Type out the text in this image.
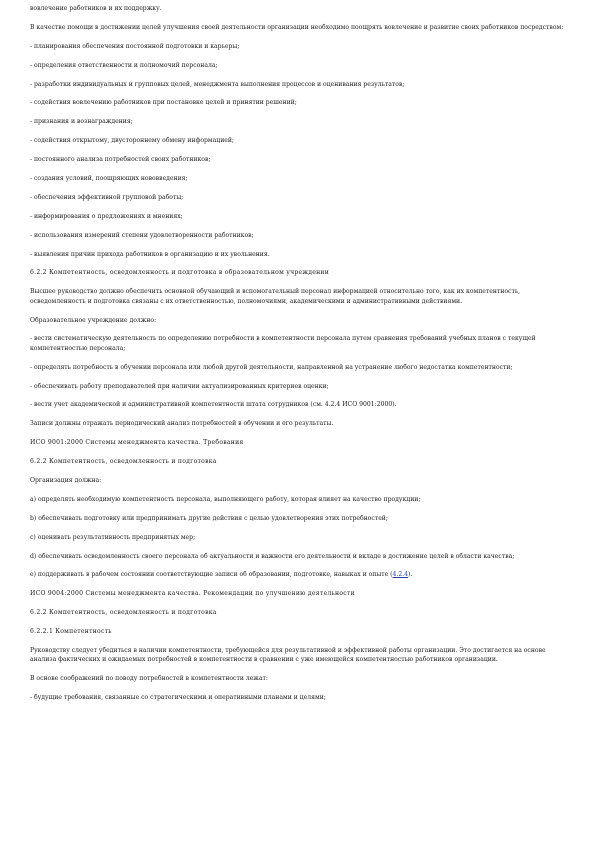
вовлечение работников и их поддержку.

В качестве помощи в достижении целей улучшения своей деятельности организации необходимо поощрять вовлечение и развитие своих работников посредством:

- планирования обеспечения постоянной подготовки и карьеры;

- определения ответственности и полномочий персонала;

- разработки индивидуальных и групповых целей, менеджмента выполнения процессов и оценивания результатов;

- содействия вовлечению работников при постановке целей и принятии решений;

- признания и вознаграждения;

- содействия открытому, двустороннему обмену информацией;

- постоянного анализа потребностей своих работников;

- создания условий, поощряющих нововведения;

- обеспечения эффективной групповой работы;

- информирования о предложениях и мнениях;

- использования измерений степени удовлетворенности работников;

- выявления причин прихода работников в организацию и их увольнения.

6.2.2 Компетентность, осведомленность и подготовка в образовательном учреждении

Высшее руководство должно обеспечить основной обучающий и вспомогательный персонал информацией относительно того, как их компетентность, осведомленность и подготовка связаны с их ответственностью, полномочиями, академическими и административными действиями.

Образовательное учреждение должно:

- вести систематическую деятельность по определению потребности в компетентности персонала путем сравнения требований учебных планов с текущей компетентностью персонала;

- определять потребность в обучении персонала или любой другой деятельности, направленной на устранение любого недостатка компетентности;

- обеспечивать работу преподавателей при наличии актуализированных критериев оценки;

- вести учет академической и административной компетентности штата сотрудников (см. 4.2.4 ИСО 9001:2000).

Записи должны отражать периодический анализ потребностей в обучении и его результаты.

ИСО 9001:2000 Системы менеджмента качества. Требования

6.2.2 Компетентность, осведомленность и подготовка

Организация должна:

a) определять необходимую компетентность персонала, выполняющего работу, которая влияет на качество продукции;

b) обеспечивать подготовку или предпринимать другие действия с целью удовлетворения этих потребностей;

c) оценивать результативность предпринятых мер;

d) обеспечивать осведомленность своего персонала об актуальности и важности его деятельности и вкладе в достижение целей в области качества;

e) поддерживать в рабочем состоянии соответствующие записи об образовании, подготовке, навыках и опыте (4.2.4).

ИСО 9004:2000 Системы менеджмента качества. Рекомендации по улучшению деятельности

6.2.2 Компетентность, осведомленность и подготовка

6.2.2.1 Компетентность

Руководству следует убедиться в наличии компетентности, требующейся для результативной и эффективной работы организации. Это достигается на основе анализа фактических и ожидаемых потребностей в компетентности в сравнении с уже имеющейся компетентностью работников организации.

В основе соображений по поводу потребностей в компетентности лежат:

- будущие требования, связанные со стратегическими и оперативными планами и целями;
